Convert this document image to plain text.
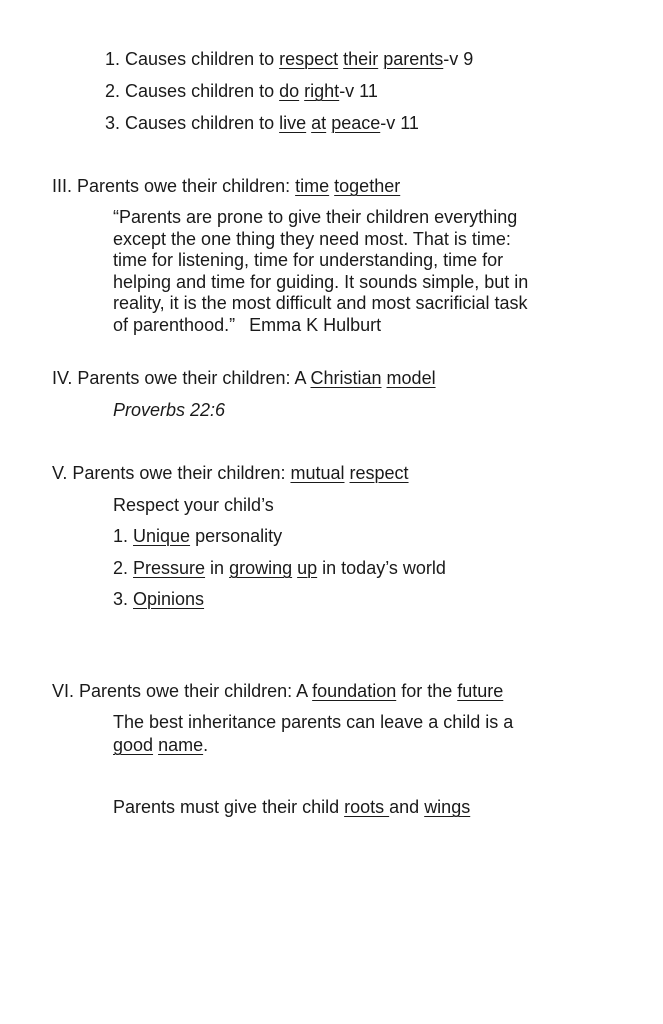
1. Causes children to respect their parents-v 9

2. Causes children to do right-v 11

3. Causes children to live at peace-v 11

III. Parents owe their children: time together

“Parents are prone to give their children everything
except the one thing they need most. That is time:
time for listening, time for understanding, time for
helping and time for guiding. It sounds simple, but in
reality, it is the most difficult and most sacrificial task
of parenthood.” Emma K Hulburt

IV. Parents owe their children: A Christian model

Proverbs 22:6

V. Parents owe their children: mutual respect

Respect your child’s

1. Unique personality

2. Pressure in growing up in today’s world

3. Opinions

VI. Parents owe their children: A foundation for the future

The best inheritance parents can leave a child is a

good name.

Parents must give their child roots and wings
